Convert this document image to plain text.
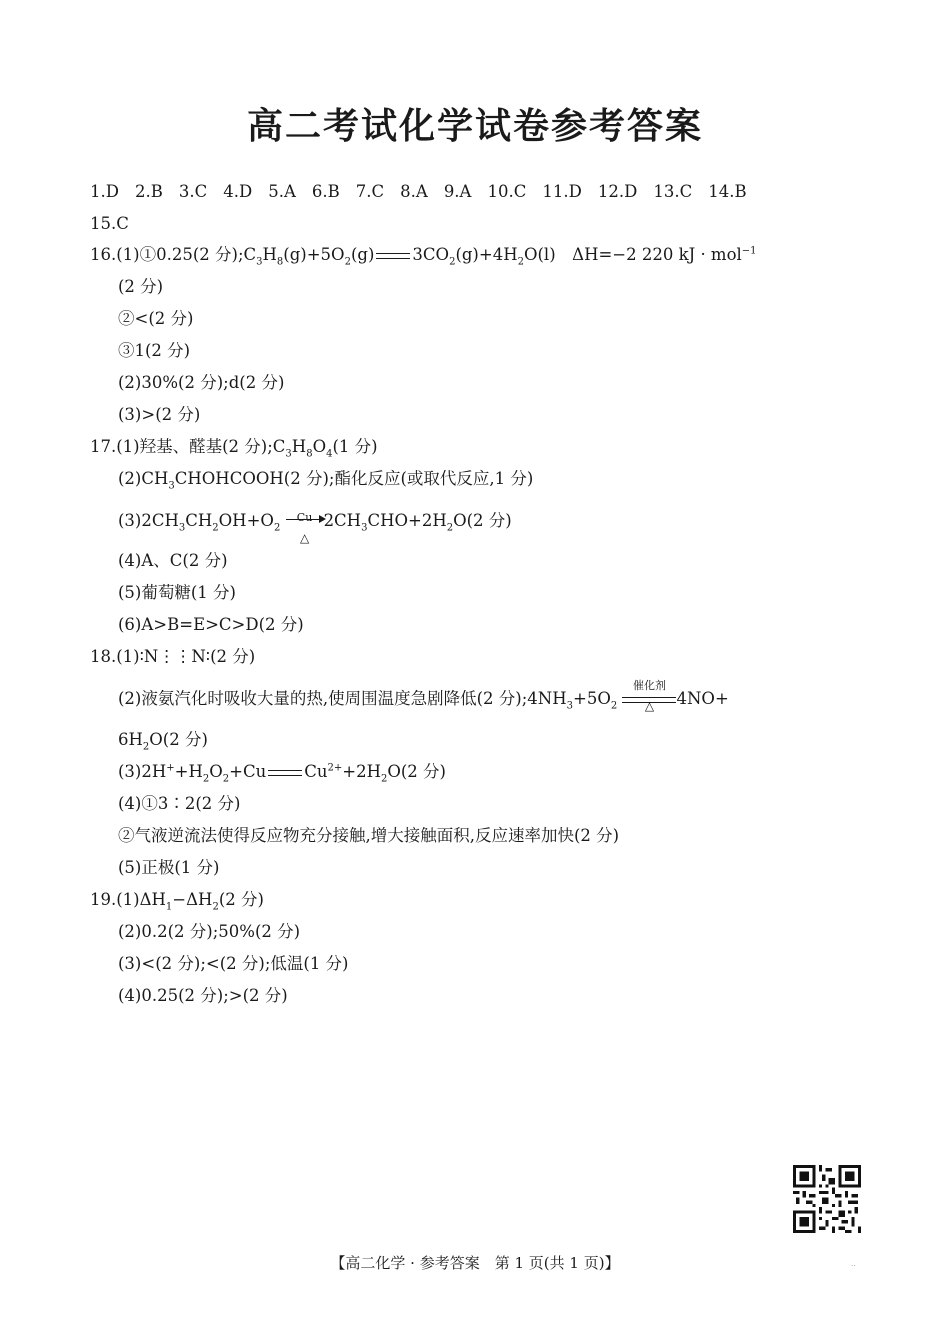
高二考试化学试卷参考答案
1.D 2.B 3.C 4.D 5.A 6.B 7.C 8.A 9.A 10.C 11.D 12.D 13.C 14.B
15.C
16.(1)①0.25(2 分)$;C_3H_8(g)+5O_2(g)$ $3CO_2(g)+4H_2O(l)$　ΔH=−2 220 kJ · mol$^{-1}$
(2 分)
②<(2 分)
③1(2 分)
(2)30%(2 分);d(2 分)
(3)>(2 分)
17.(1)羟基、醛基(2 分)$;C_3H_8O_4(1$ 分)
$(2)CH_3CHOHCOOH(2$ 分);酯化反应(或取代反应,1 分)
$(3)2CH_3CH_2OH+O_2$
Cu
△
$2CH_3CHO+2H_2O(2$ 分)
(4)A、C(2 分)
(5)葡萄糖(1 分)
(6)A>B=E>C>D(2 分)
18.(1)∶N⋮⋮N∶(2 分)
(2)液氨汽化时吸收大量的热,使周围温度急剧降低(2 分)$;4NH_3+5O_2$
催化剂
△	4NO+
$6H_2O(2$ 分)
$(3)2H^++H_2O_2+Cu$ $Cu^{2+}+2H_2O(2$ 分)
(4)①3∶2(2 分)
②气液逆流法使得反应物充分接触,增大接触面积,反应速率加快(2 分)
(5)正极(1 分)
$19.(1)\Delta H_1-\Delta H_2(2$ 分)
(2)0.2(2 分);50%(2 分)
(3)<(2 分);<(2 分);低温(1 分)
(4)0.25(2 分);>(2 分)
【高二化学 · 参考答案　第 1 页(共 1 页)】	··
